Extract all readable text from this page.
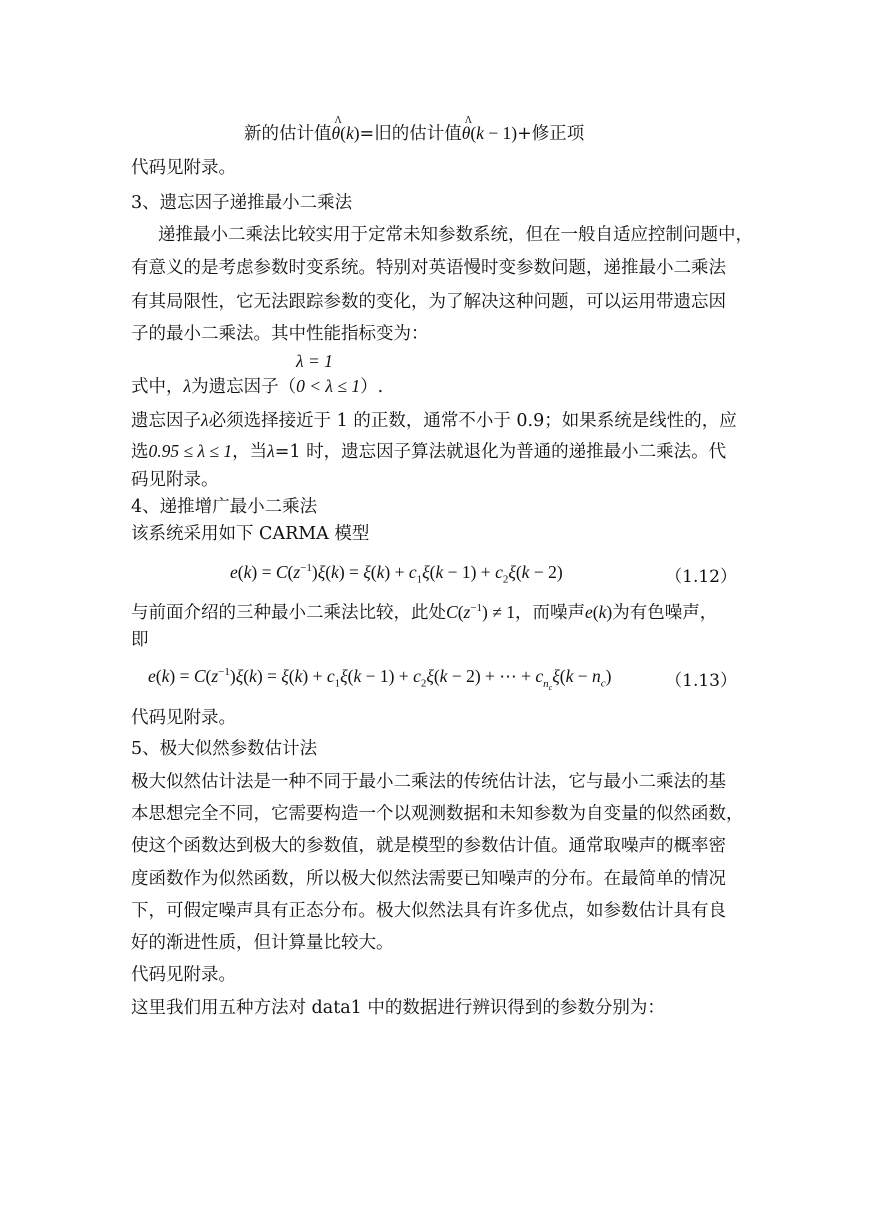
新的估计值θ
Λ
(k)=旧的估计值θ
Λ
(k − 1)+修正项
代码见附录。
3、遗忘因子递推最小二乘法
递推最小二乘法比较实用于定常未知参数系统，但在一般自适应控制问题中，
有意义的是考虑参数时变系统。特别对英语慢时变参数问题，递推最小二乘法
有其局限性，它无法跟踪参数的变化，为了解决这种问题，可以运用带遗忘因
子的最小二乘法。其中性能指标变为：
λ = 1
式中，λ为遗忘因子（0 < λ ≤ 1）.
遗忘因子λ必须选择接近于 1 的正数，通常不小于 0.9；如果系统是线性的，应
选0.95 ≤ λ ≤ 1，当λ=1 时，遗忘因子算法就退化为普通的递推最小二乘法。代
码见附录。
4、递推增广最小二乘法
该系统采用如下 CARMA 模型
$e(k) = C(z^{-1})\xi(k) = \xi(k) + c_1\xi(k - 1) + c_2\xi(k - 2)$	（1.12）
与前面介绍的三种最小二乘法比较，此处$C(z^{-1}) \ne 1$，而噪声e(k)为有色噪声，
即
$e(k) = C(z^{-1})\xi(k) = \xi(k) + c_1\xi(k - 1) + c_2\xi(k - 2)$ + ⋯ + $c_{n_c}\xi(k - n_c)$	（1.13）
代码见附录。
5、极大似然参数估计法
极大似然估计法是一种不同于最小二乘法的传统估计法，它与最小二乘法的基
本思想完全不同，它需要构造一个以观测数据和未知参数为自变量的似然函数，
使这个函数达到极大的参数值，就是模型的参数估计值。通常取噪声的概率密
度函数作为似然函数，所以极大似然法需要已知噪声的分布。在最简单的情况
下，可假定噪声具有正态分布。极大似然法具有许多优点，如参数估计具有良
好的渐进性质，但计算量比较大。
代码见附录。
这里我们用五种方法对 data1 中的数据进行辨识得到的参数分别为：
